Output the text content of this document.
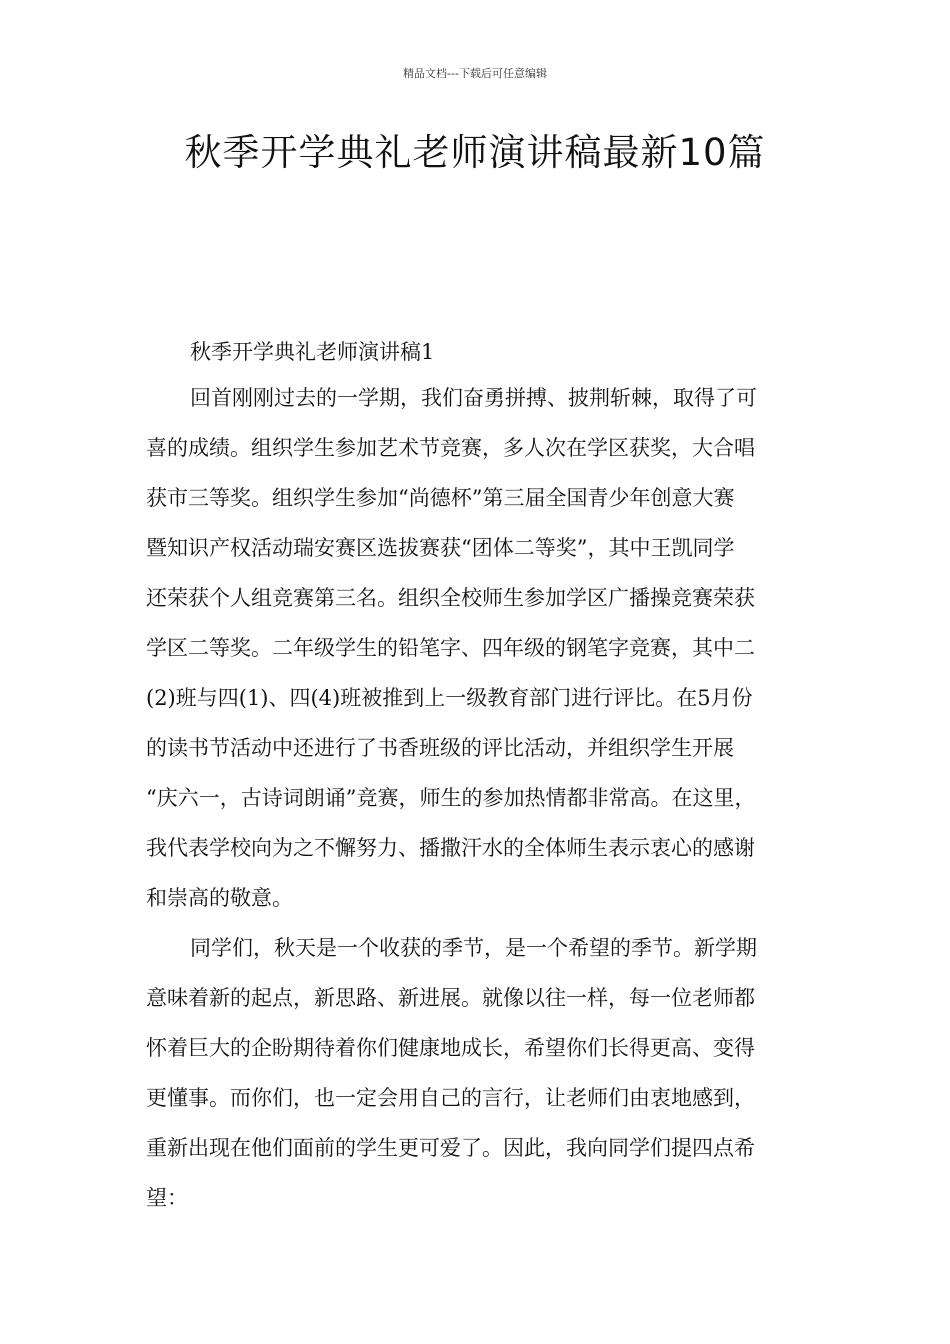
精品文档---下载后可任意编辑
秋季开学典礼老师演讲稿最新10篇
秋季开学典礼老师演讲稿1
回首刚刚过去的一学期，我们奋勇拼搏、披荆斩棘，取得了可
喜的成绩。组织学生参加艺术节竞赛，多人次在学区获奖，大合唱
获市三等奖。组织学生参加“尚德杯”第三届全国青少年创意大赛
暨知识产权活动瑞安赛区选拔赛获“团体二等奖”，其中王凯同学
还荣获个人组竞赛第三名。组织全校师生参加学区广播操竞赛荣获
学区二等奖。二年级学生的铅笔字、四年级的钢笔字竞赛，其中二
(2)班与四(1)、四(4)班被推到上一级教育部门进行评比。在5月份
的读书节活动中还进行了书香班级的评比活动，并组织学生开展
“庆六一，古诗词朗诵”竞赛，师生的参加热情都非常高。在这里，
我代表学校向为之不懈努力、播撒汗水的全体师生表示衷心的感谢
和崇高的敬意。
同学们，秋天是一个收获的季节，是一个希望的季节。新学期
意味着新的起点，新思路、新进展。就像以往一样，每一位老师都
怀着巨大的企盼期待着你们健康地成长，希望你们长得更高、变得
更懂事。而你们，也一定会用自己的言行，让老师们由衷地感到，
重新出现在他们面前的学生更可爱了。因此，我向同学们提四点希
望：
